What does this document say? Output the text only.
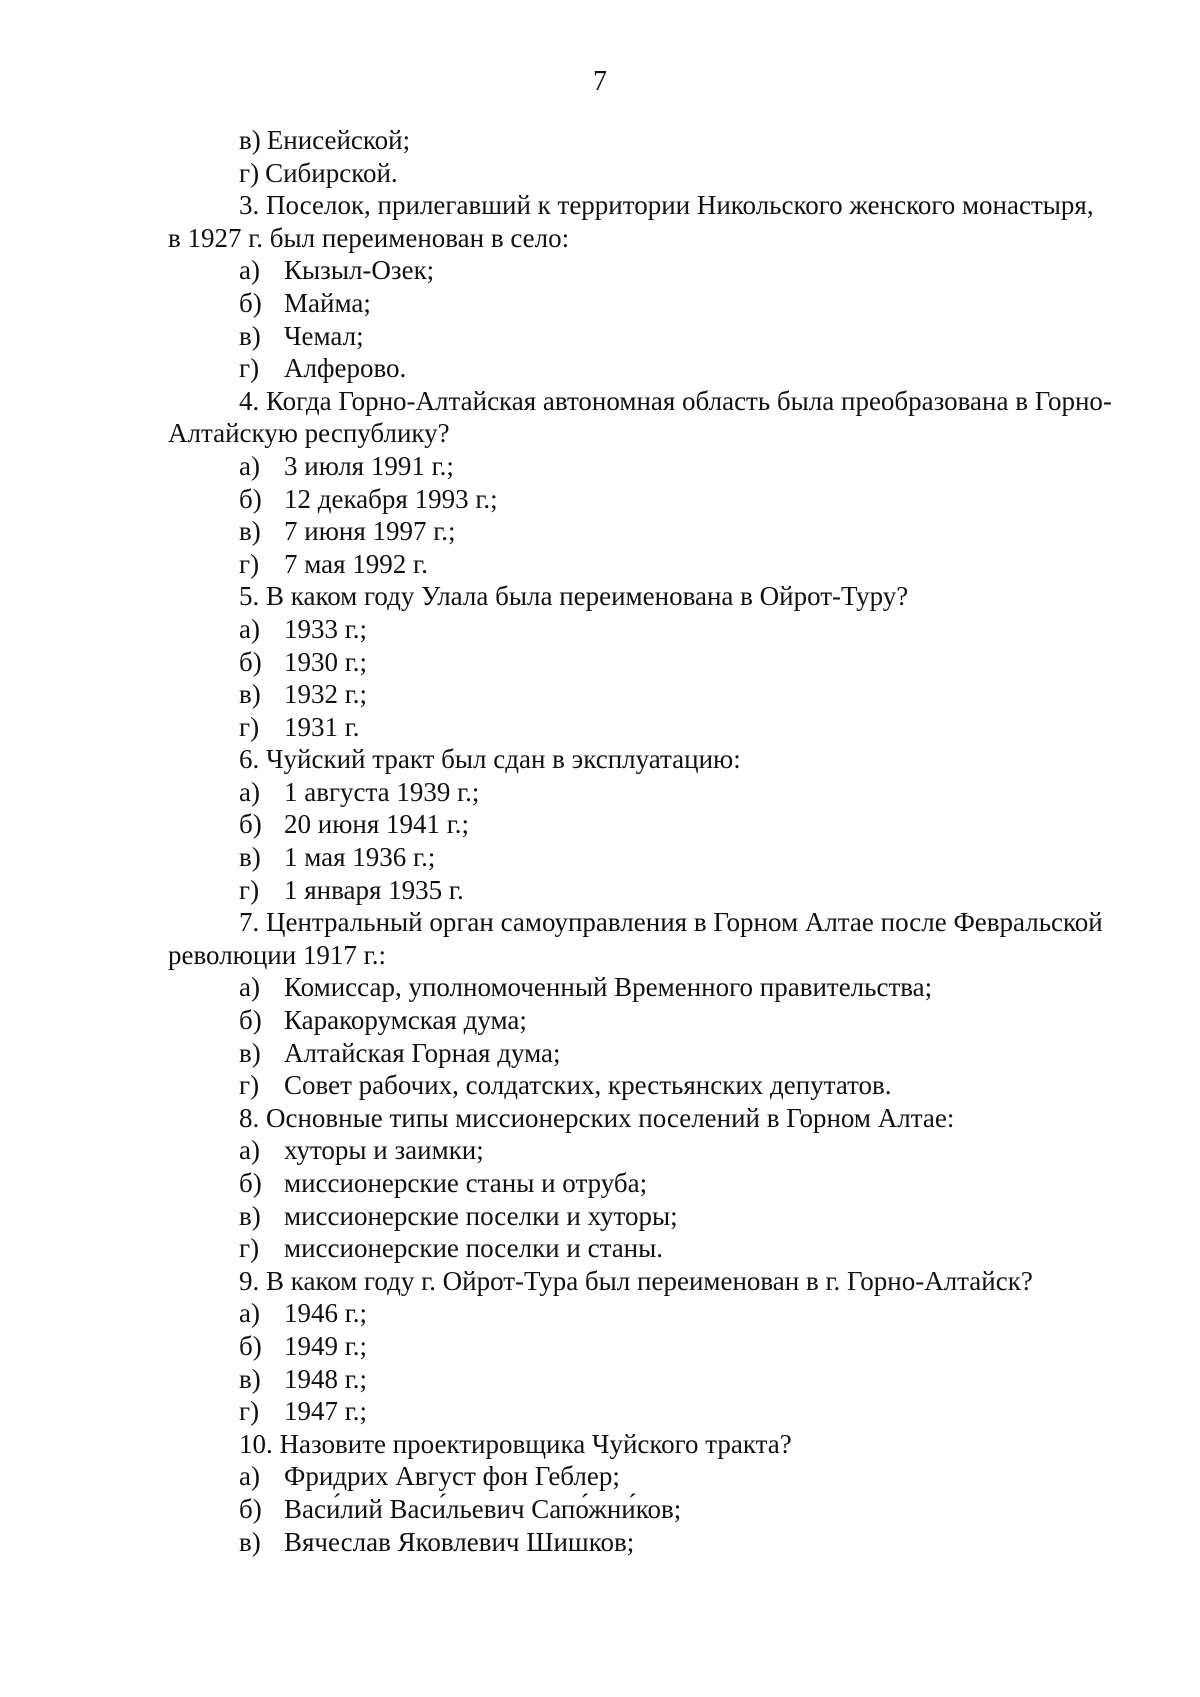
7
в) Енисейской;
г) Сибирской.
3. Поселок, прилегавший к территории Никольского женского монастыря,
в 1927 г. был переименован в село:
а) Кызыл-Озек;
б) Майма;
в) Чемал;
г) Алферово.
4. Когда Горно-Алтайская автономная область была преобразована в Горно-
Алтайскую республику?
а) 3 июля 1991 г.;
б) 12 декабря 1993 г.;
в) 7 июня 1997 г.;
г) 7 мая 1992 г.
5. В каком году Улала была переименована в Ойрот-Туру?
а) 1933 г.;
б) 1930 г.;
в) 1932 г.;
г) 1931 г.
6. Чуйский тракт был сдан в эксплуатацию:
а) 1 августа 1939 г.;
б) 20 июня 1941 г.;
в) 1 мая 1936 г.;
г) 1 января 1935 г.
7. Центральный орган самоуправления в Горном Алтае после Февральской
революции 1917 г.:
а) Комиссар, уполномоченный Временного правительства;
б) Каракорумская дума;
в) Алтайская Горная дума;
г) Совет рабочих, солдатских, крестьянских депутатов.
8. Основные типы миссионерских поселений в Горном Алтае:
а) хуторы и заимки;
б) миссионерские станы и отруба;
в) миссионерские поселки и хуторы;
г) миссионерские поселки и станы.
9. В каком году г. Ойрот-Тура был переименован в г. Горно-Алтайск?
а) 1946 г.;
б) 1949 г.;
в) 1948 г.;
г) 1947 г.;
10. Назовите проектировщика Чуйского тракта?
а) Фридрих Август фон Геблер;
б) Васи́лий Васи́льевич Сапо́жни́ков;
в) Вячеслав Яковлевич Шишков;
